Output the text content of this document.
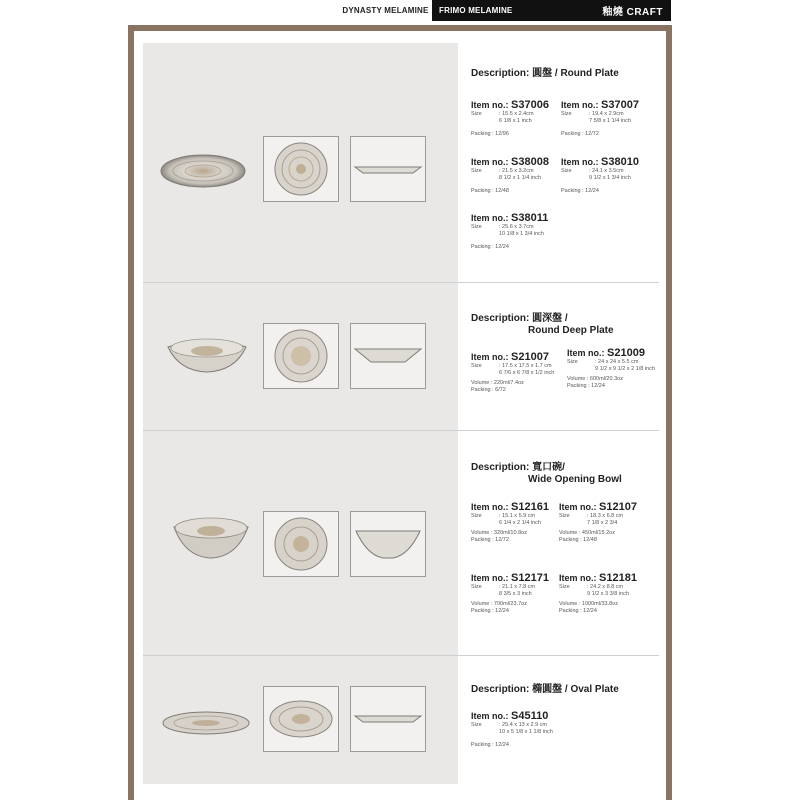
DYNASTY MELAMINE	FRIMO MELAMINE	釉燒 CRAFT
Description: 圓盤 / Round Plate
Item no.: S37006
Size	: 15.5 x 2.4cm
6 1/8 x 1 inch
Packing : 12/96
Item no.: S37007
Size	: 19.4 x 2.9cm
7 5/8 x 1 1/4 inch
Packing : 12/72
Item no.: S38008
Size	: 21.5 x 3.2cm
8 1/2 x 1 1/4 inch
Packing : 12/48
Item no.: S38010
Size	: 24.1 x 3.5cm
9 1/2 x 1 3/4 inch
Packing : 12/24
Item no.: S38011
Size	: 25.6 x 3.7cm
10 1/8 x 1 3/4 inch
Packing : 12/24
Description: 圓深盤 /
Round Deep Plate
Item no.: S21007
Size	: 17.5 x 17.5 x 1.7 cm
6 7/6 x 6 7/8 x 1/2 inch
Volume : 220ml/7.4oz
Packing : 6/72
Item no.: S21009
Size	: 24 x 24 x 5.5 cm
9 1/2 x 9 1/2 x 2 1/8 inch
Volume : 600ml/20.3oz
Packing : 12/24
Description: 寬口碗/
Wide Opening Bowl
Item no.: S12161
Size	: 15.1 x 5.9 cm
6 1/4 x 2 1/4 inch
Volume : 320ml/10.8oz
Packing : 12/72
Item no.: S12107
Size	: 18.3 x 6.8 cm
7 1/8 x 2 3/4
Volume : 450ml/15.2oz
Packing : 12/48
Item no.: S12171
Size	: 21.1 x 7.8 cm
8 3/5 x 3 inch
Volume : 700ml/23.7oz
Packing : 12/24
Item no.: S12181
Size	: 24.2 x 8.8 cm
9 1/2 x 3 3/8 inch
Volume : 1000ml/33.8oz
Packing : 12/24
Description: 橢圓盤 / Oval Plate
Item no.: S45110
Size	: 25.4 x 13 x 2.9 cm
10 x 5 1/8 x 1 1/8 inch
Packing : 12/24
